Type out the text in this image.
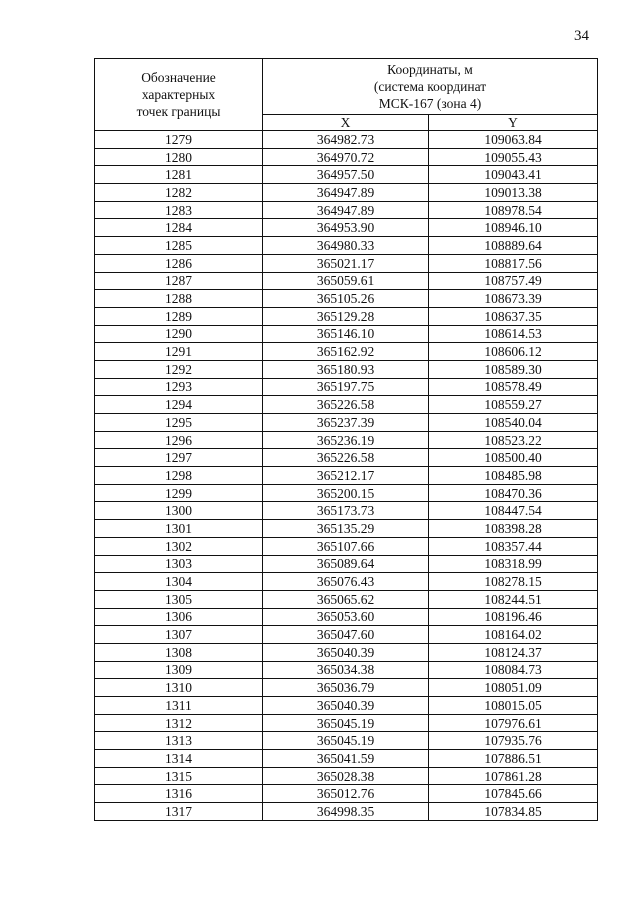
34
Обозначение
характерных
точек границы	Координаты, м
(система координат
МСК-167 (зона 4)	

	X	Y
1279	364982.73	109063.84
1280	364970.72	109055.43
1281	364957.50	109043.41
1282	364947.89	109013.38
1283	364947.89	108978.54
1284	364953.90	108946.10
1285	364980.33	108889.64
1286	365021.17	108817.56
1287	365059.61	108757.49
1288	365105.26	108673.39
1289	365129.28	108637.35
1290	365146.10	108614.53
1291	365162.92	108606.12
1292	365180.93	108589.30
1293	365197.75	108578.49
1294	365226.58	108559.27
1295	365237.39	108540.04
1296	365236.19	108523.22
1297	365226.58	108500.40
1298	365212.17	108485.98
1299	365200.15	108470.36
1300	365173.73	108447.54
1301	365135.29	108398.28
1302	365107.66	108357.44
1303	365089.64	108318.99
1304	365076.43	108278.15
1305	365065.62	108244.51
1306	365053.60	108196.46
1307	365047.60	108164.02
1308	365040.39	108124.37
1309	365034.38	108084.73
1310	365036.79	108051.09
1311	365040.39	108015.05
1312	365045.19	107976.61
1313	365045.19	107935.76
1314	365041.59	107886.51
1315	365028.38	107861.28
1316	365012.76	107845.66
1317	364998.35	107834.85
